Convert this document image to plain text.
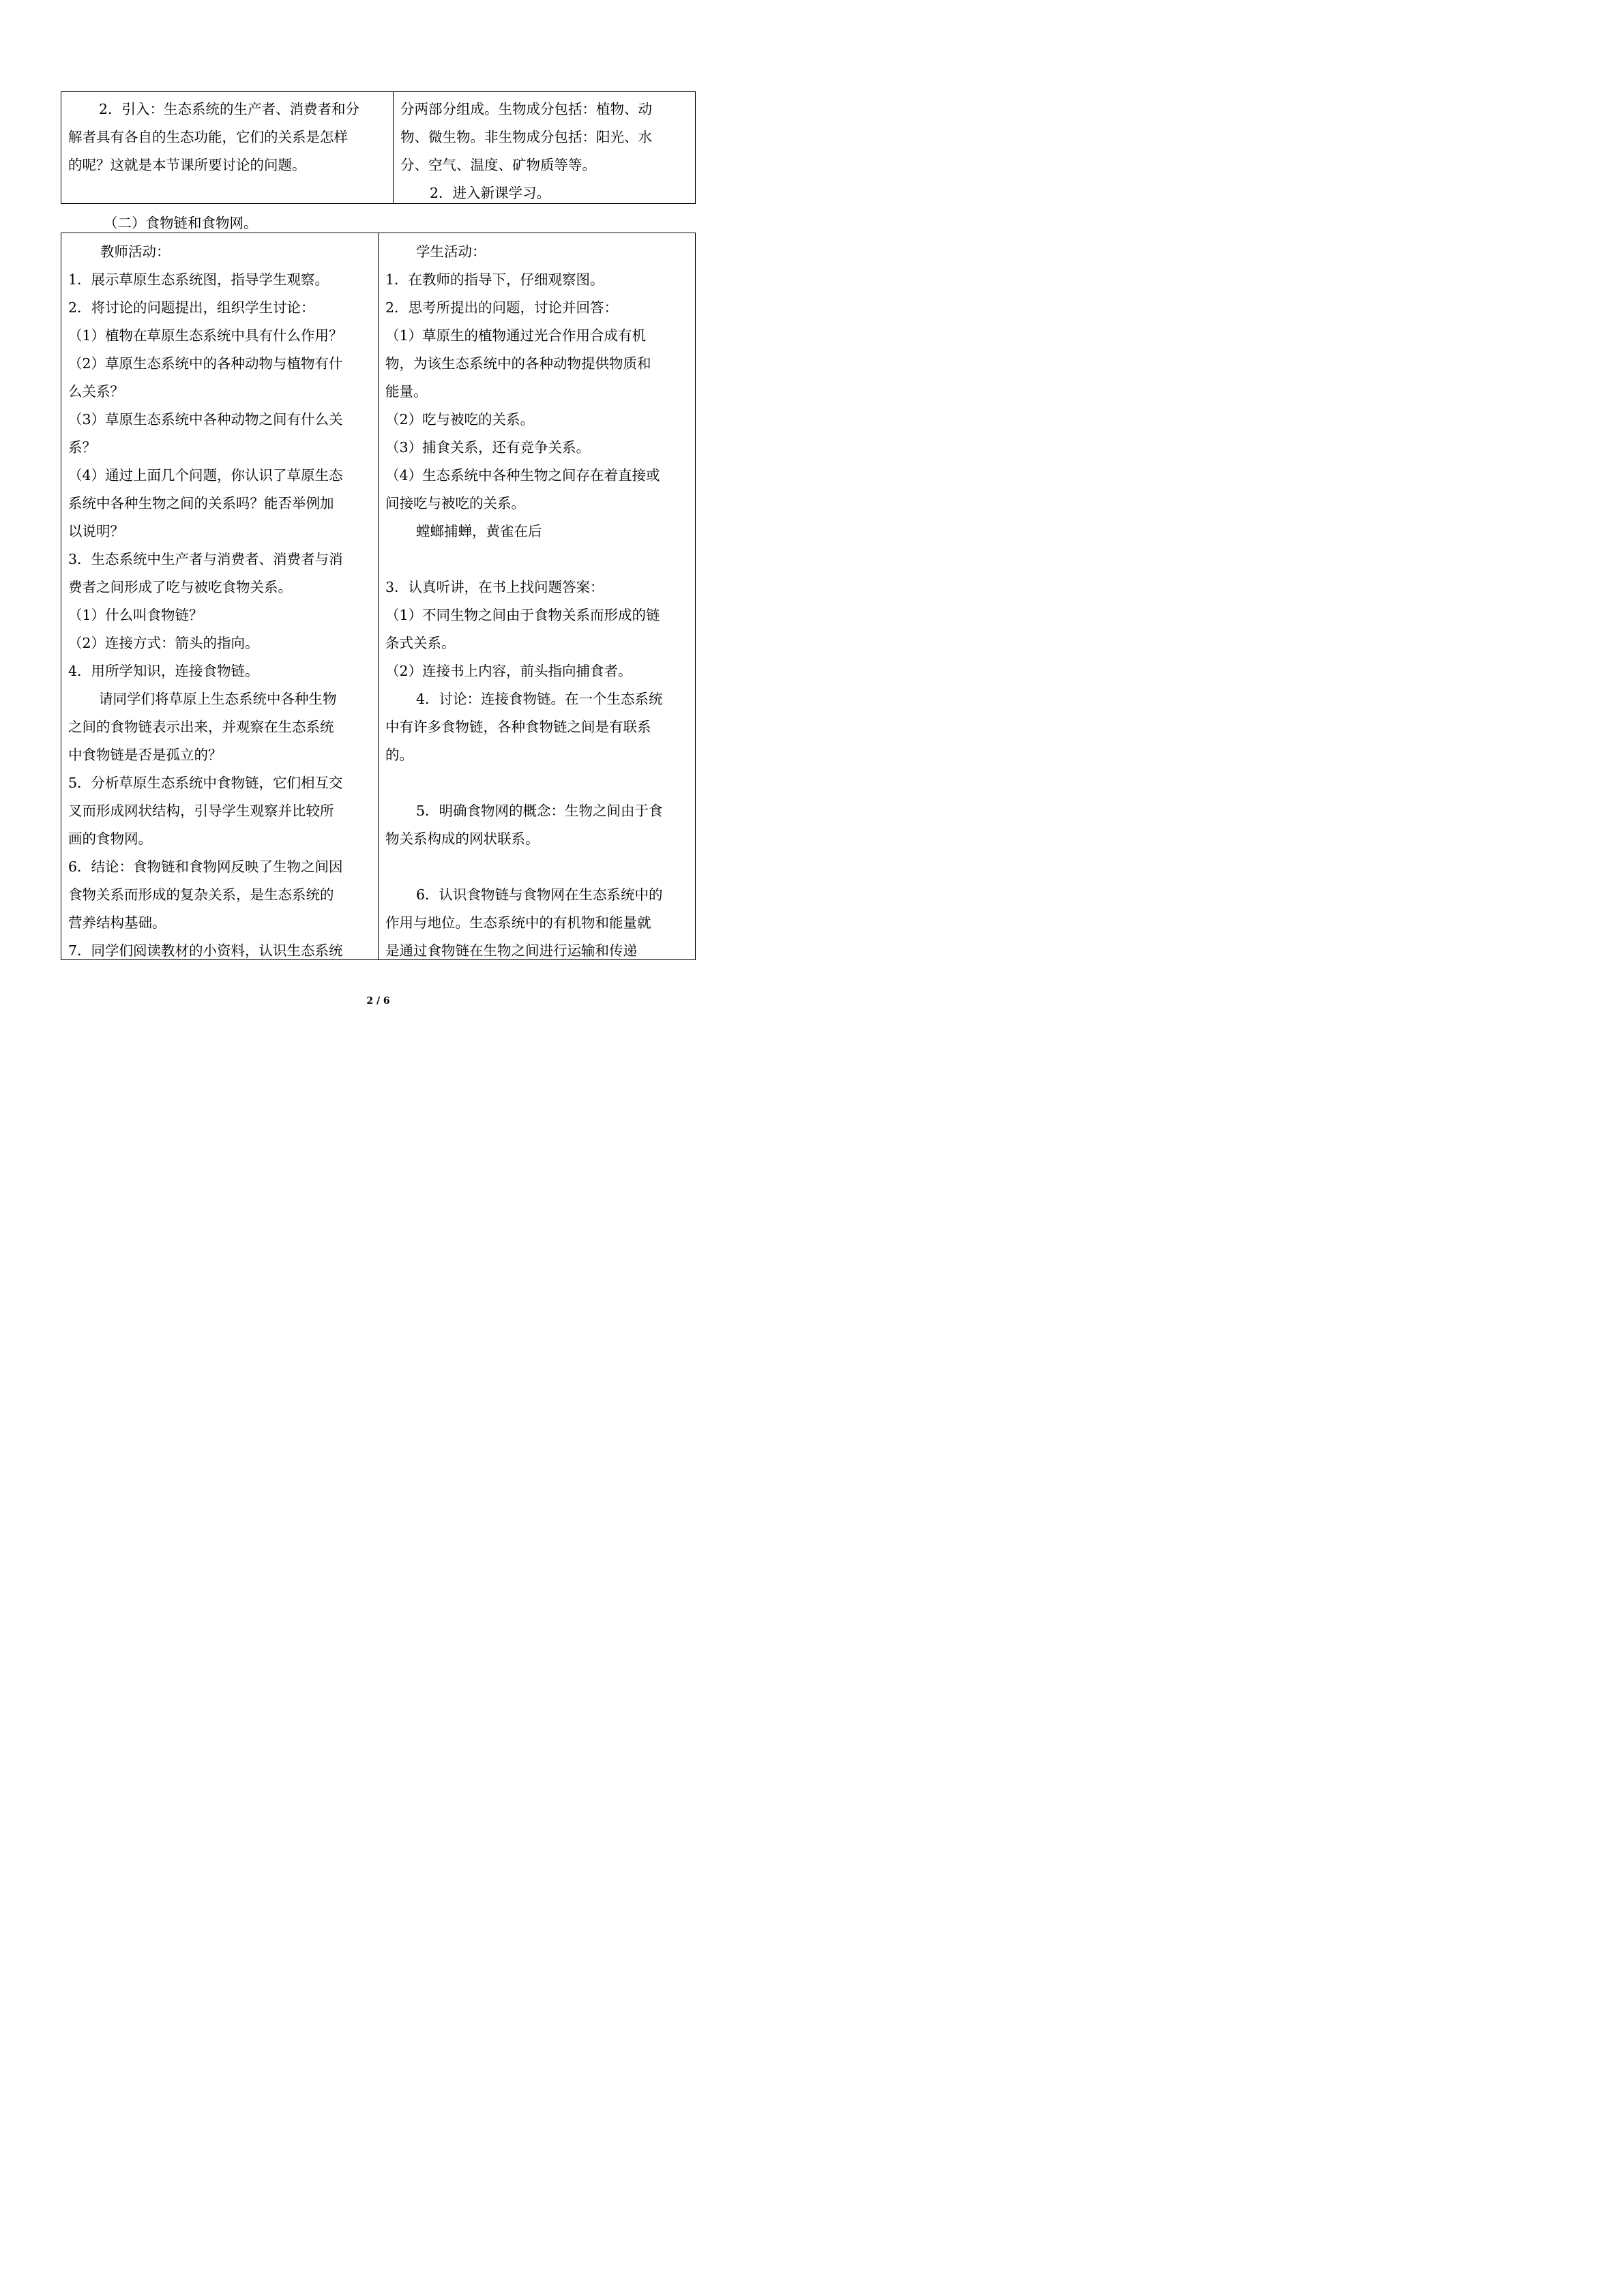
2．引入：生态系统的生产者、消费者和分
解者具有各自的生态功能，它们的关系是怎样
的呢？这就是本节课所要讨论的问题。
分两部分组成。生物成分包括：植物、动
物、微生物。非生物成分包括：阳光、水
分、空气、温度、矿物质等等。
2．进入新课学习。
（二）食物链和食物网。
教师活动：
1．展示草原生态系统图，指导学生观察。
2．将讨论的问题提出，组织学生讨论：
（1）植物在草原生态系统中具有什么作用？
（2）草原生态系统中的各种动物与植物有什
么关系？
（3）草原生态系统中各种动物之间有什么关
系？
（4）通过上面几个问题，你认识了草原生态
系统中各种生物之间的关系吗？能否举例加
以说明？
3．生态系统中生产者与消费者、消费者与消
费者之间形成了吃与被吃食物关系。
（1）什么叫食物链？
（2）连接方式：箭头的指向。
4．用所学知识，连接食物链。
请同学们将草原上生态系统中各种生物
之间的食物链表示出来，并观察在生态系统
中食物链是否是孤立的？
5．分析草原生态系统中食物链，它们相互交
叉而形成网状结构，引导学生观察并比较所
画的食物网。
6．结论：食物链和食物网反映了生物之间因
食物关系而形成的复杂关系，是生态系统的
营养结构基础。
7．同学们阅读教材的小资料，认识生态系统
学生活动：
1．在教师的指导下，仔细观察图。
2．思考所提出的问题，讨论并回答：
（1）草原生的植物通过光合作用合成有机
物，为该生态系统中的各种动物提供物质和
能量。
（2）吃与被吃的关系。
（3）捕食关系，还有竞争关系。
（4）生态系统中各种生物之间存在着直接或
间接吃与被吃的关系。
螳螂捕蝉，黄雀在后
3．认真听讲，在书上找问题答案：
（1）不同生物之间由于食物关系而形成的链
条式关系。
（2）连接书上内容，前头指向捕食者。
4．讨论：连接食物链。在一个生态系统
中有许多食物链，各种食物链之间是有联系
的。
5．明确食物网的概念：生物之间由于食
物关系构成的网状联系。
6．认识食物链与食物网在生态系统中的
作用与地位。生态系统中的有机物和能量就
是通过食物链在生物之间进行运输和传递
2 / 6
